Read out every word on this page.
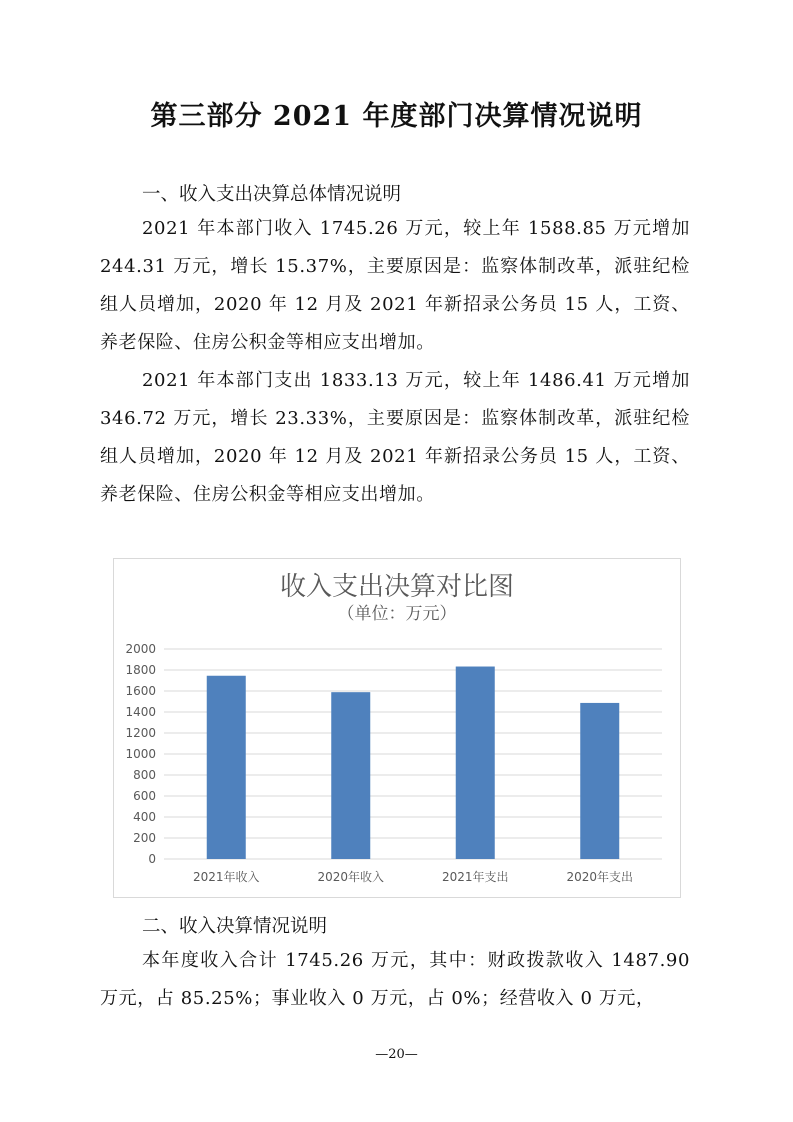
第三部分 2021 年度部门决算情况说明
一、收入支出决算总体情况说明

2021 年本部门收入 1745.26 万元，较上年 1588.85 万元增加 244.31 万元，增长 15.37%，主要原因是：监察体制改革，派驻纪检组人员增加，2020 年 12 月及 2021 年新招录公务员 15 人，工资、养老保险、住房公积金等相应支出增加。

2021 年本部门支出 1833.13 万元，较上年 1486.41 万元增加 346.72 万元，增长 23.33%，主要原因是：监察体制改革，派驻纪检组人员增加，2020 年 12 月及 2021 年新招录公务员 15 人，工资、养老保险、住房公积金等相应支出增加。

收入支出决算对比图
（单位：万元）
0
200
400
600
800
1000
1200
1400
1600
1800
2000
2021年收入	2020年收入	2021年支出	2020年支出
二、收入决算情况说明

本年度收入合计 1745.26 万元，其中：财政拨款收入 1487.90 万元，占 85.25%；事业收入 0 万元，占 0%；经营收入 0 万元，

—20—
